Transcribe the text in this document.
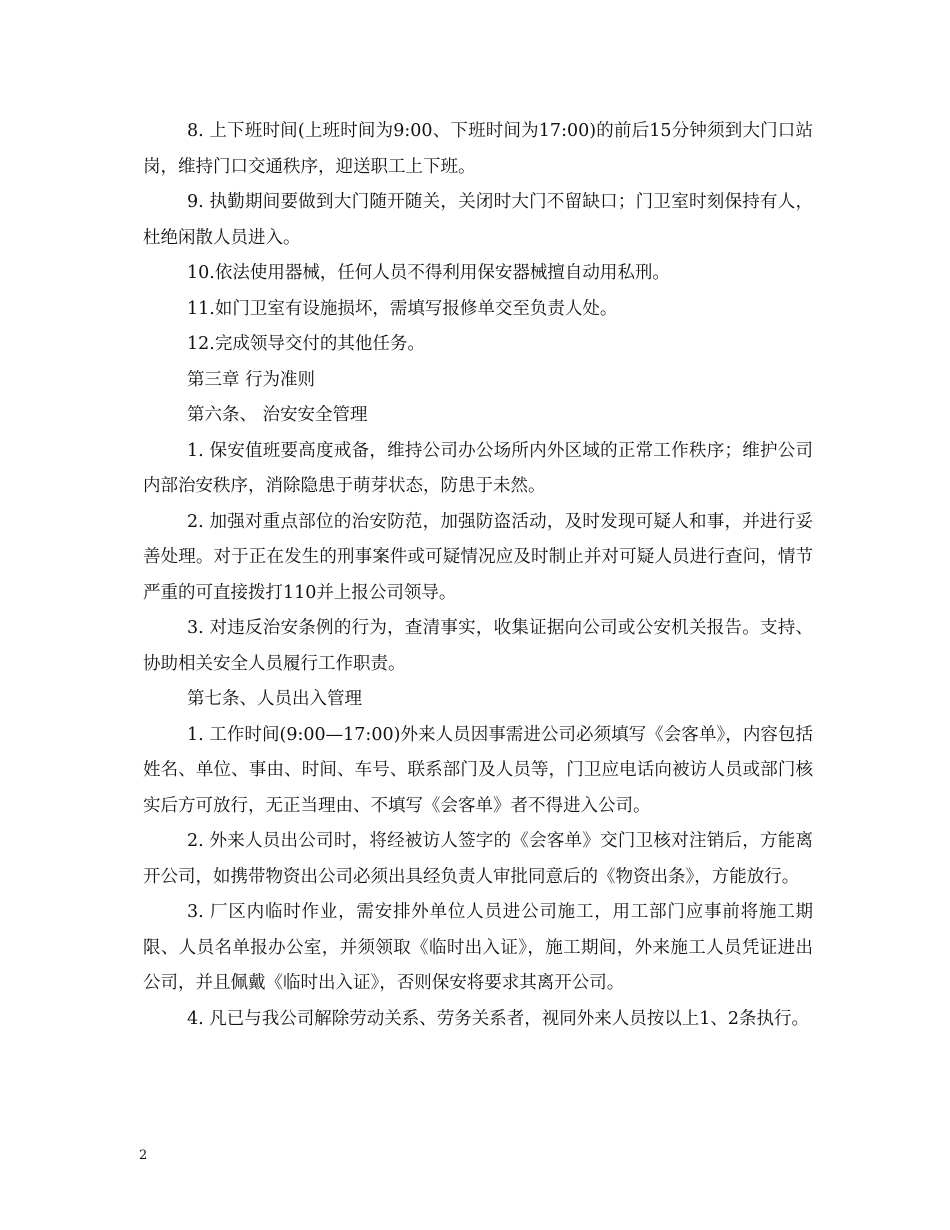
8. 上下班时间(上班时间为9:00、下班时间为17:00)的前后15分钟须到大门口站岗，维持门口交通秩序，迎送职工上下班。

9. 执勤期间要做到大门随开随关，关闭时大门不留缺口；门卫室时刻保持有人，杜绝闲散人员进入。

10.依法使用器械，任何人员不得利用保安器械擅自动用私刑。

11.如门卫室有设施损坏，需填写报修单交至负责人处。

12.完成领导交付的其他任务。

第三章 行为准则

第六条、 治安安全管理

1. 保安值班要高度戒备，维持公司办公场所内外区域的正常工作秩序；维护公司内部治安秩序，消除隐患于萌芽状态，防患于未然。

2. 加强对重点部位的治安防范，加强防盗活动，及时发现可疑人和事，并进行妥善处理。对于正在发生的刑事案件或可疑情况应及时制止并对可疑人员进行查问，情节严重的可直接拨打110并上报公司领导。

3. 对违反治安条例的行为，查清事实，收集证据向公司或公安机关报告。支持、协助相关安全人员履行工作职责。

第七条、人员出入管理

1. 工作时间(9:00—17:00)外来人员因事需进公司必须填写《会客单》，内容包括姓名、单位、事由、时间、车号、联系部门及人员等，门卫应电话向被访人员或部门核实后方可放行，无正当理由、不填写《会客单》者不得进入公司。

2. 外来人员出公司时，将经被访人签字的《会客单》交门卫核对注销后，方能离开公司，如携带物资出公司必须出具经负责人审批同意后的《物资出条》，方能放行。

3. 厂区内临时作业，需安排外单位人员进公司施工，用工部门应事前将施工期限、人员名单报办公室，并须领取《临时出入证》，施工期间，外来施工人员凭证进出公司，并且佩戴《临时出入证》，否则保安将要求其离开公司。

4. 凡已与我公司解除劳动关系、劳务关系者，视同外来人员按以上1、2条执行。

2
